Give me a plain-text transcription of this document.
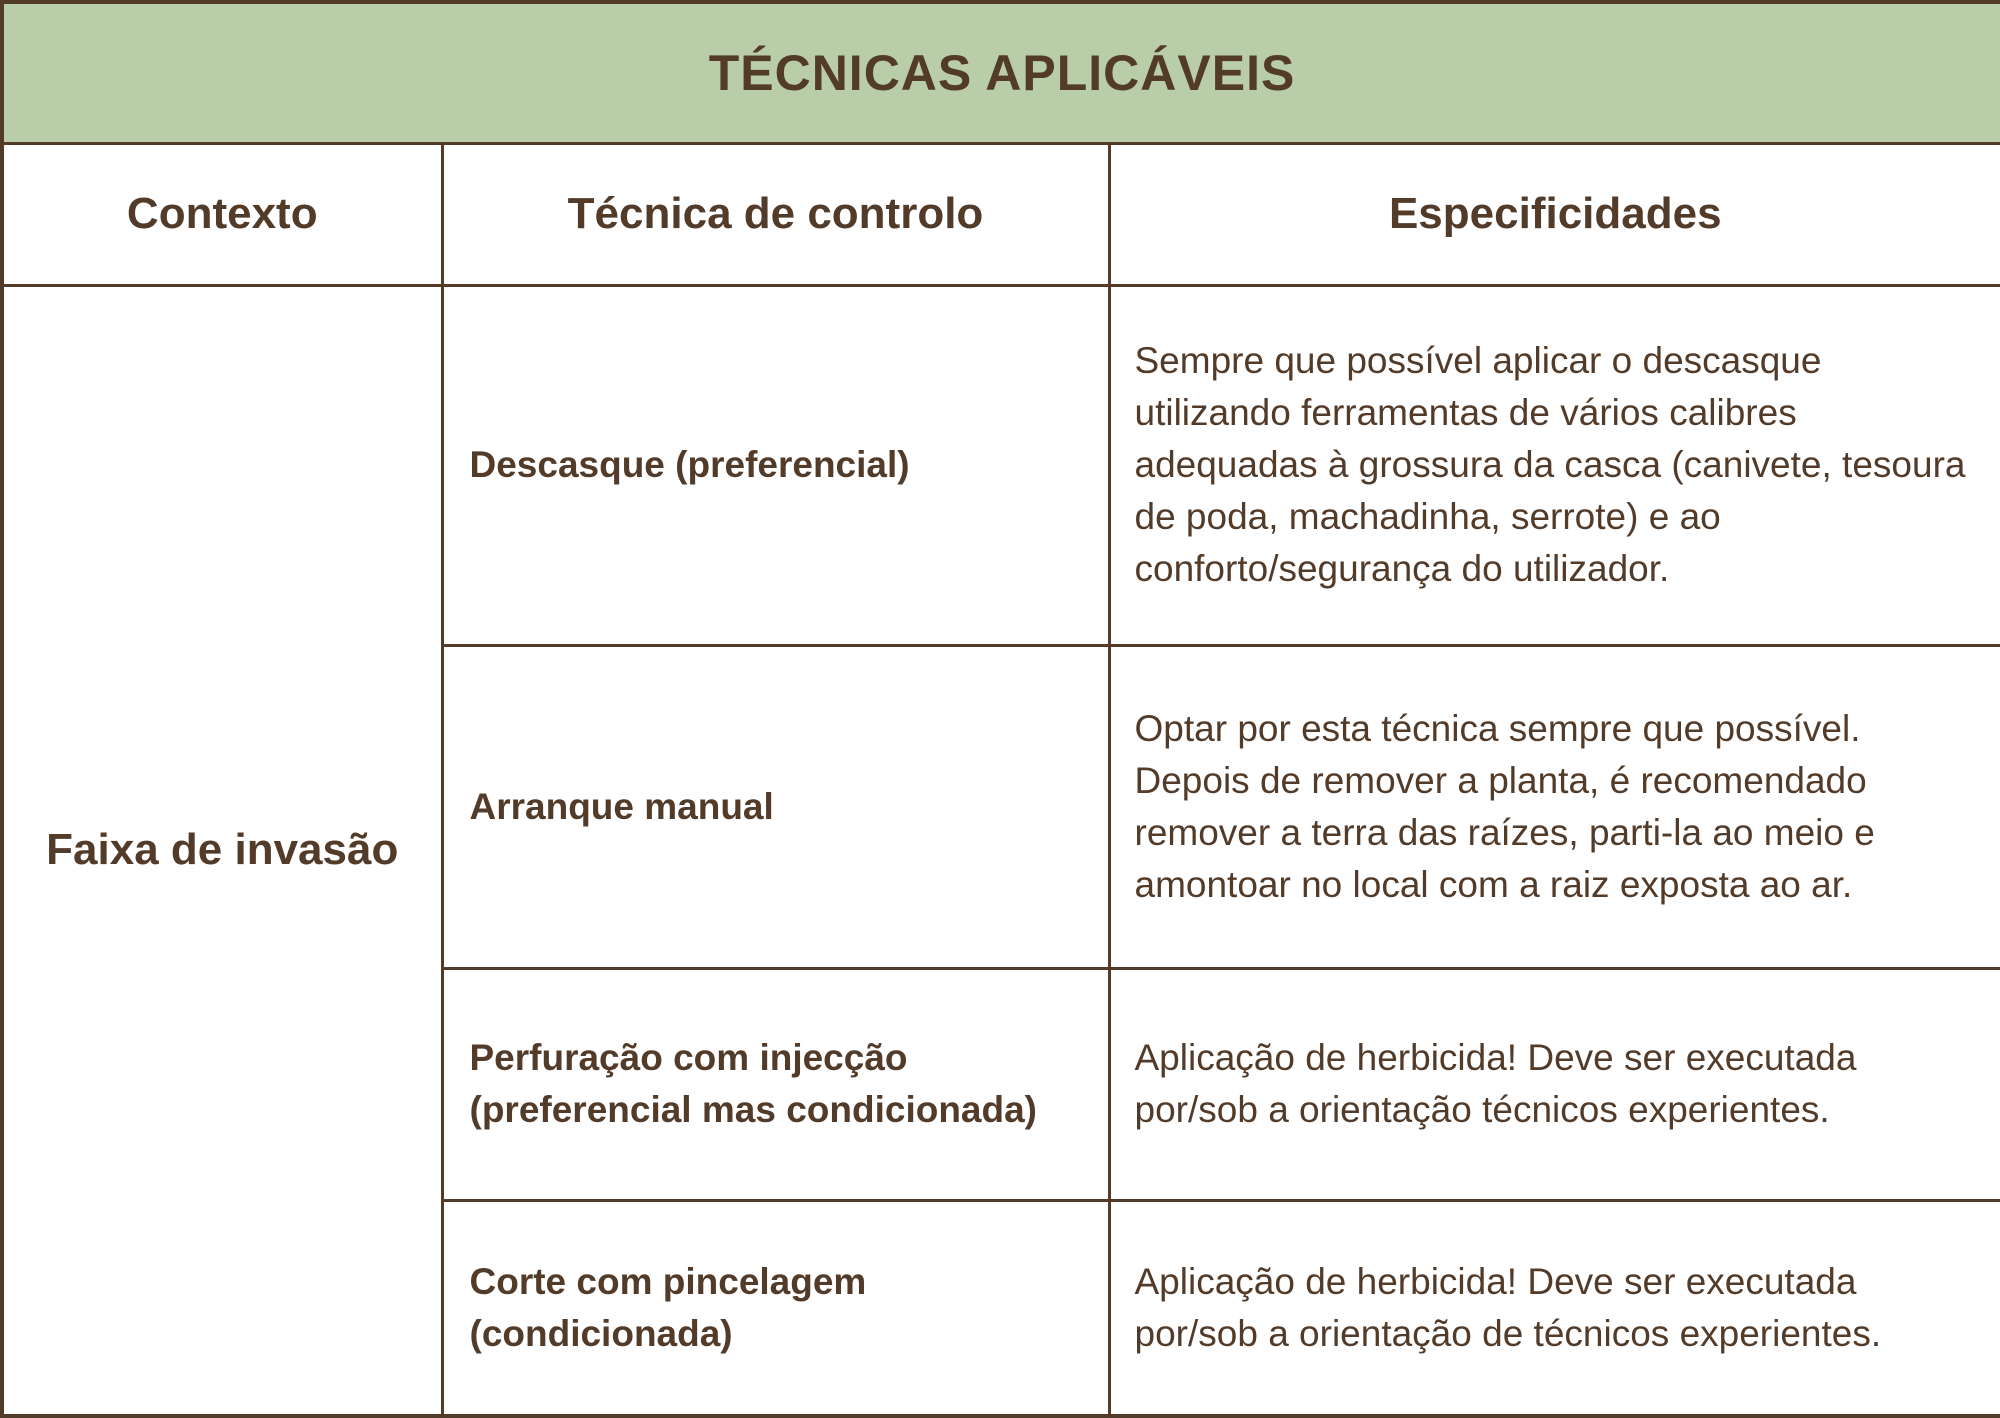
TÉCNICAS APLICÁVEIS		
Contexto	Técnica de controlo	Especificidades
Faixa de invasão	Descasque (preferencial)	Sempre que possível aplicar o descasque utilizando ferramentas de vários calibres adequadas à grossura da casca (canivete, tesoura de poda, machadinha, serrote) e ao conforto/segurança do utilizador.
	Arranque manual	Optar por esta técnica sempre que possível. Depois de remover a planta, é recomendado remover a terra das raízes, parti-la ao meio e amontoar no local com a raiz exposta ao ar.
	Perfuração com injecção (preferencial mas condicionada)	Aplicação de herbicida! Deve ser executada por/sob a orientação técnicos experientes.
	Corte com pincelagem (condicionada)	Aplicação de herbicida! Deve ser executada por/sob a orientação de técnicos experientes.
